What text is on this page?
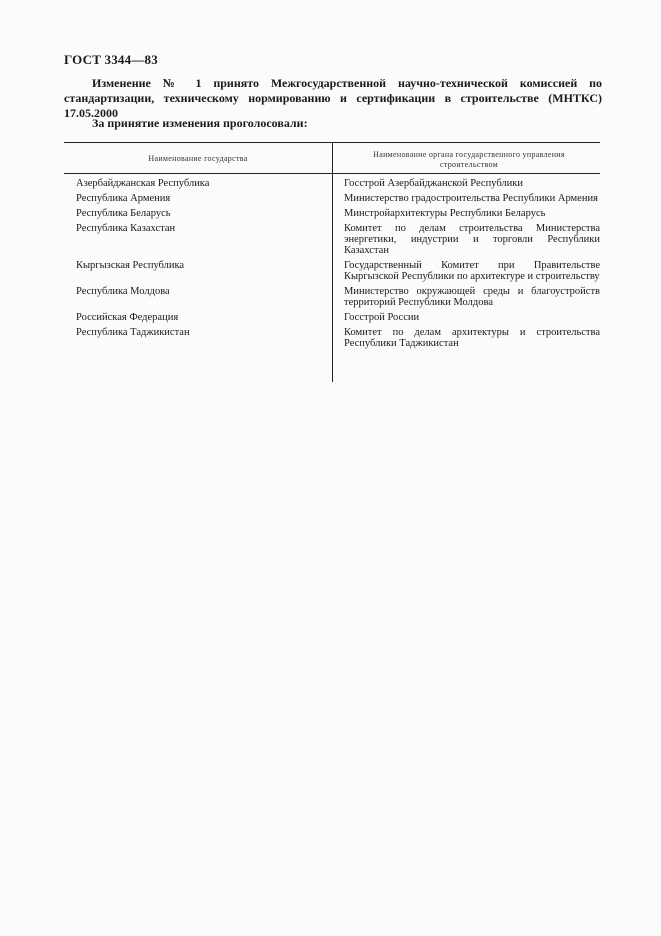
ГОСТ 3344—83
Изменение № 1 принято Межгосударственной научно-технической комиссией по стандартизации, техническому нормированию и сертификации в строительстве (МНТКС) 17.05.2000
За принятие изменения проголосовали:
Наименование государства	Наименование органа государственного управления строительством
Азербайджанская Республика	Госстрой Азербайджанской Республики
Республика Армения	Министерство градостроительства Республики Армения
Республика Беларусь	Минстройархитектуры Республики Беларусь
Республика Казахстан	Комитет по делам строительства Министерства энергетики, индустрии и торговли Республики Казахстан
Кыргызская Республика	Государственный Комитет при Правительстве Кыргызской Республики по архитектуре и строительству
Республика Молдова	Министерство окружающей среды и благоустройств территорий Республики Молдова
Российская Федерация	Госстрой России
Республика Таджикистан	Комитет по делам архитектуры и строительства Республики Таджикистан
